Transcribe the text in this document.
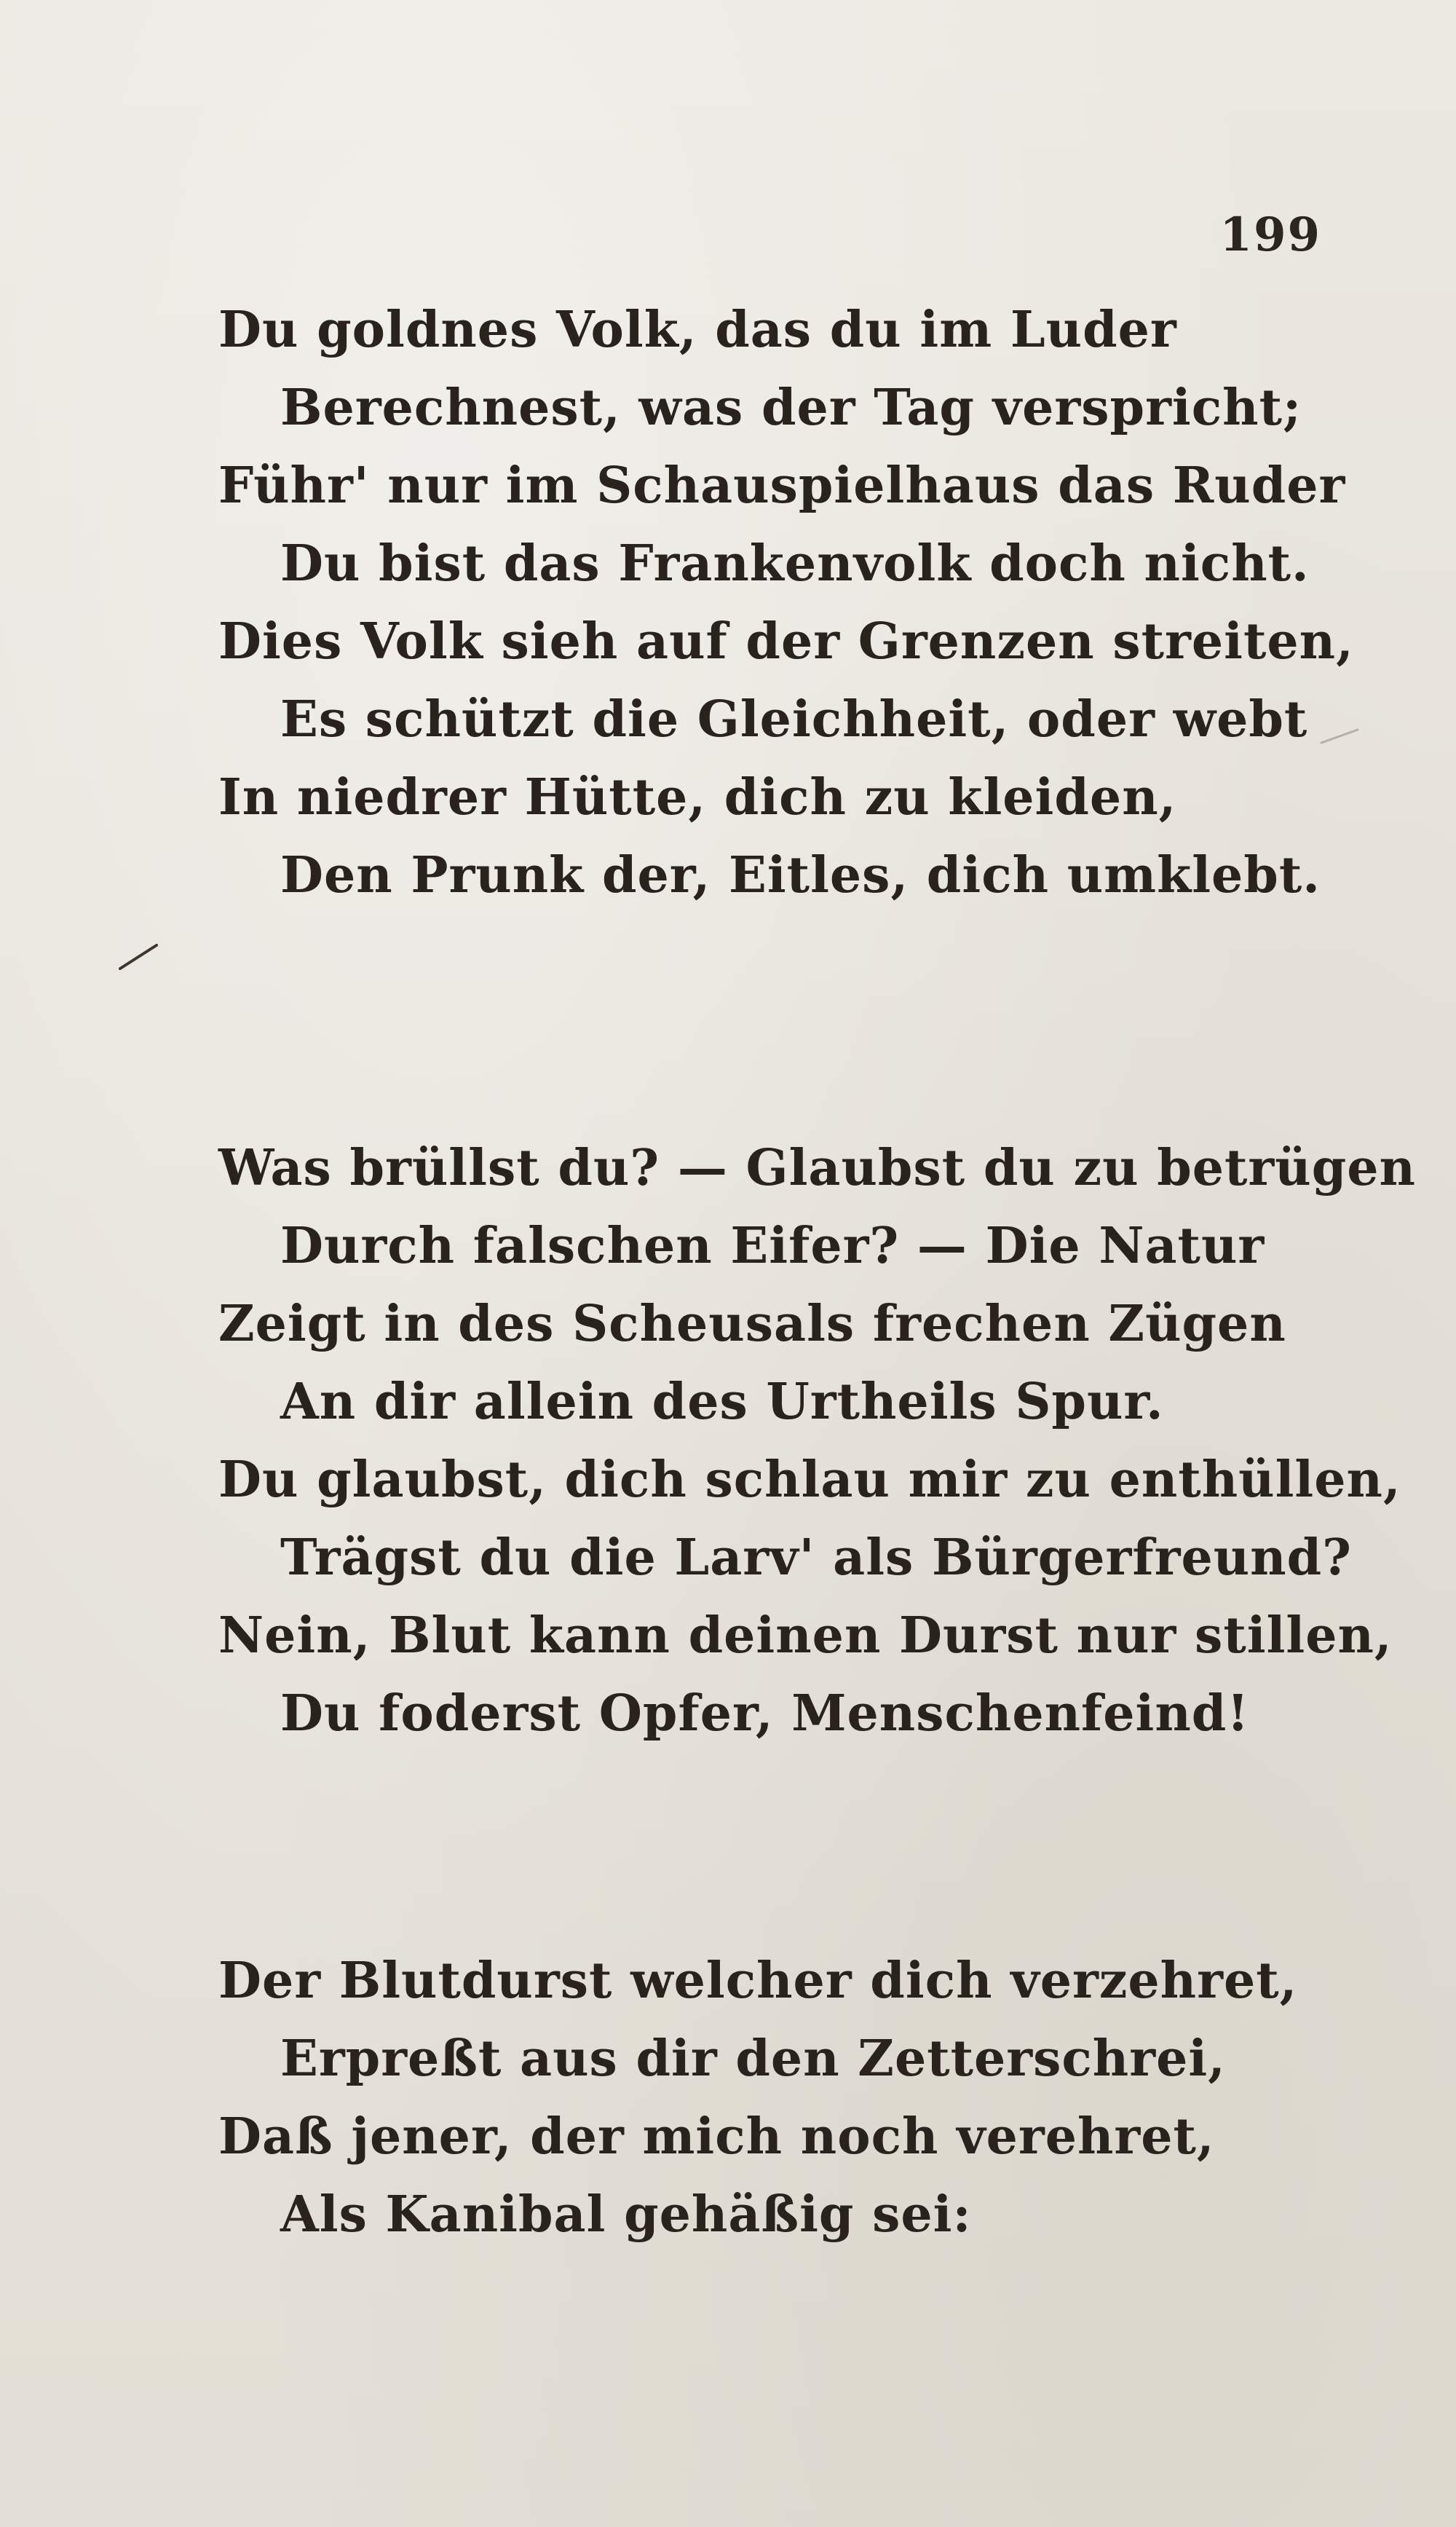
199
Du goldnes Volk, das du im Luder
Berechnest, was der Tag verspricht;
Führ' nur im Schauspielhaus das Ruder
Du bist das Frankenvolk doch nicht.
Dies Volk sieh auf der Grenzen streiten,
Es schützt die Gleichheit, oder webt
In niedrer Hütte, dich zu kleiden,
Den Prunk der, Eitles, dich umklebt.
Was brüllst du? — Glaubst du zu betrügen
Durch falschen Eifer? — Die Natur
Zeigt in des Scheusals frechen Zügen
An dir allein des Urtheils Spur.
Du glaubst, dich schlau mir zu enthüllen,
Trägst du die Larv' als Bürgerfreund?
Nein, Blut kann deinen Durst nur stillen,
Du foderst Opfer, Menschenfeind!
Der Blutdurst welcher dich verzehret,
Erpreßt aus dir den Zetterschrei,
Daß jener, der mich noch verehret,
Als Kanibal gehäßig sei:
